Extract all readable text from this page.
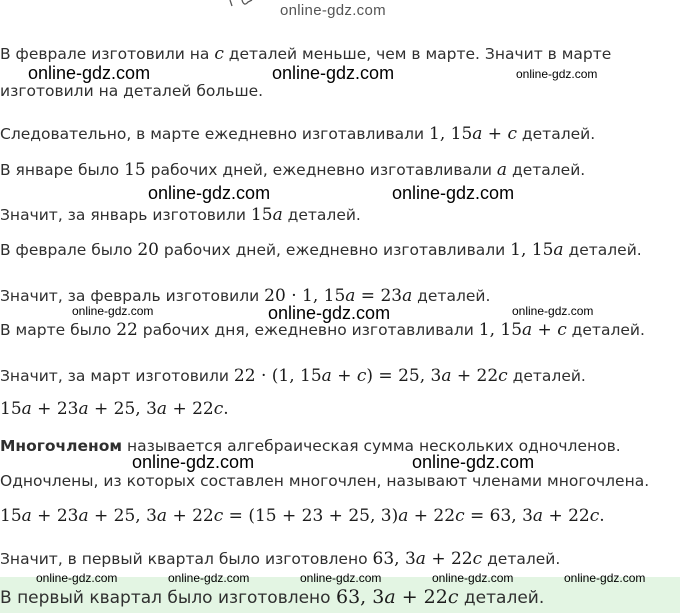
online-gdz.com
В феврале изготовили на c деталей меньше, чем в марте. Значит в марте
online-gdz.com	online-gdz.com	online-gdz.com
изготовили на деталей больше.
Следовательно, в марте ежедневно изготавливали 1, 15a + c деталей.
В январе было 15 рабочих дней, ежедневно изготавливали a деталей.
online-gdz.com	online-gdz.com
Значит, за январь изготовили 15a деталей.
В феврале было 20 рабочих дней, ежедневно изготавливали 1, 15a деталей.
Значит, за февраль изготовили 20 · 1, 15a = 23a деталей.
online-gdz.com	online-gdz.com	online-gdz.com
В марте было 22 рабочих дня, ежедневно изготавливали 1, 15a + c деталей.
Значит, за март изготовили 22 · (1, 15a + c) = 25, 3a + 22c деталей.
15a + 23a + 25, 3a + 22c.
Многочленом называется алгебраическая сумма нескольких одночленов.
online-gdz.com	online-gdz.com
Одночлены, из которых составлен многочлен, называют членами многочлена.
15a + 23a + 25, 3a + 22c = (15 + 23 + 25, 3)a + 22c = 63, 3a + 22c.
Значит, в первый квартал было изготовлено 63, 3a + 22c деталей.
В первый квартал было изготовлено 63, 3a + 22c деталей.
online-gdz.com	online-gdz.com	online-gdz.com	online-gdz.com	online-gdz.com
